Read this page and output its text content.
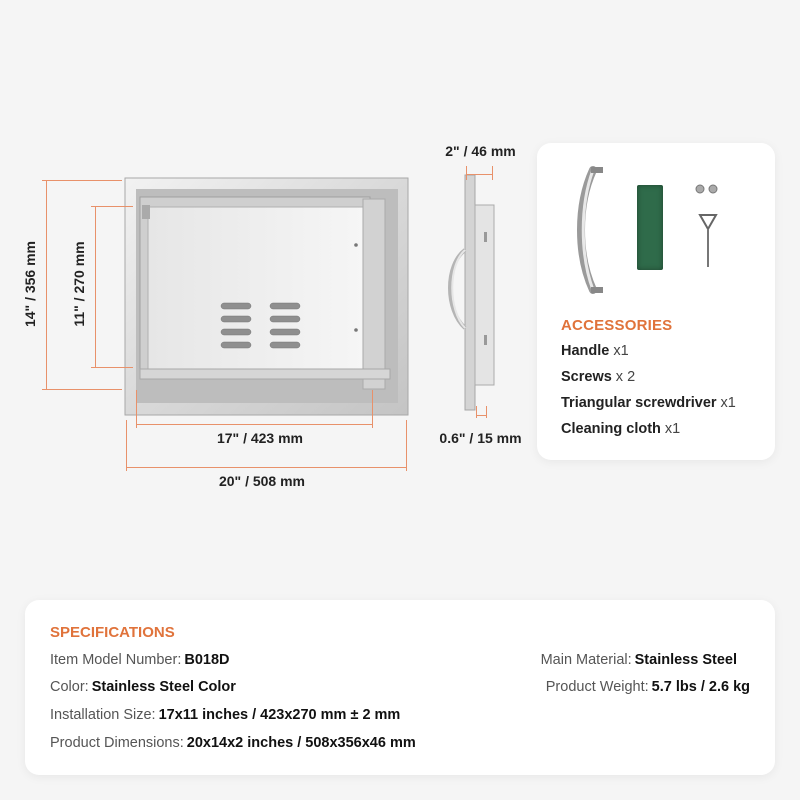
14" / 356 mm 11" / 270 mm
17" / 423 mm
20" / 508 mm
2" / 46 mm
0.6" / 15 mm
ACCESSORIES
Handle x1
Screws x 2
Triangular screwdriver x1
Cleaning cloth x1
SPECIFICATIONS
Item Model Number: B018D
Color: Stainless Steel Color
Installation Size: 17x11 inches / 423x270 mm ± 2 mm
Product Dimensions: 20x14x2 inches / 508x356x46 mm
Main Material: Stainless Steel
Product Weight: 5.7 lbs / 2.6 kg
